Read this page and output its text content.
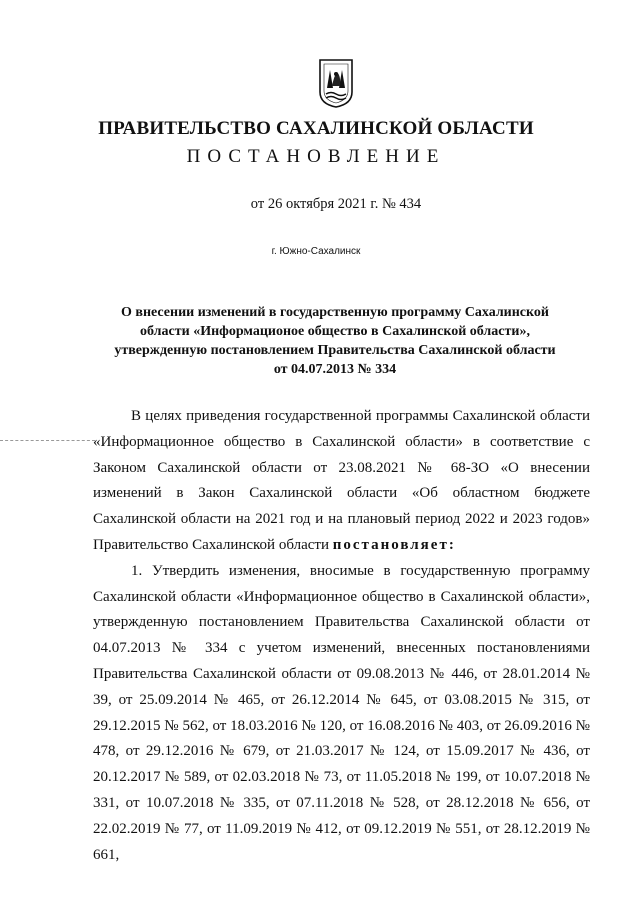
ПРАВИТЕЛЬСТВО САХАЛИНСКОЙ ОБЛАСТИ
ПОСТАНОВЛЕНИЕ
от 26 октября 2021 г. № 434
г. Южно-Сахалинск
О внесении изменений в государственную программу Сахалинской
области «Информационое общество в Сахалинской области»,
утвержденную постановлением Правительства Сахалинской области
от 04.07.2013 № 334

В целях приведения государственной программы Сахалинской области «Информационное общество в Сахалинской области» в соответствие с Законом Сахалинской области от 23.08.2021 № 68-ЗО «О внесении изменений в Закон Сахалинской области «Об областном бюджете Сахалинской области на 2021 год и на плановый период 2022 и 2023 годов» Правительство Сахалинской области постановляет:

1. Утвердить изменения, вносимые в государственную программу Сахалинской области «Информационное общество в Сахалинской области», утвержденную постановлением Правительства Сахалинской области от 04.07.2013 № 334 с учетом изменений, внесенных постановлениями Правительства Сахалинской области от 09.08.2013 № 446, от 28.01.2014 № 39, от 25.09.2014 № 465, от 26.12.2014 № 645, от 03.08.2015 № 315, от 29.12.2015 № 562, от 18.03.2016 № 120, от 16.08.2016 № 403, от 26.09.2016 № 478, от 29.12.2016 № 679, от 21.03.2017 № 124, от 15.09.2017 № 436, от 20.12.2017 № 589, от 02.03.2018 № 73, от 11.05.2018 № 199, от 10.07.2018 № 331, от 10.07.2018 № 335, от 07.11.2018 № 528, от 28.12.2018 № 656, от 22.02.2019 № 77, от 11.09.2019 № 412, от 09.12.2019 № 551, от 28.12.2019 № 661,
